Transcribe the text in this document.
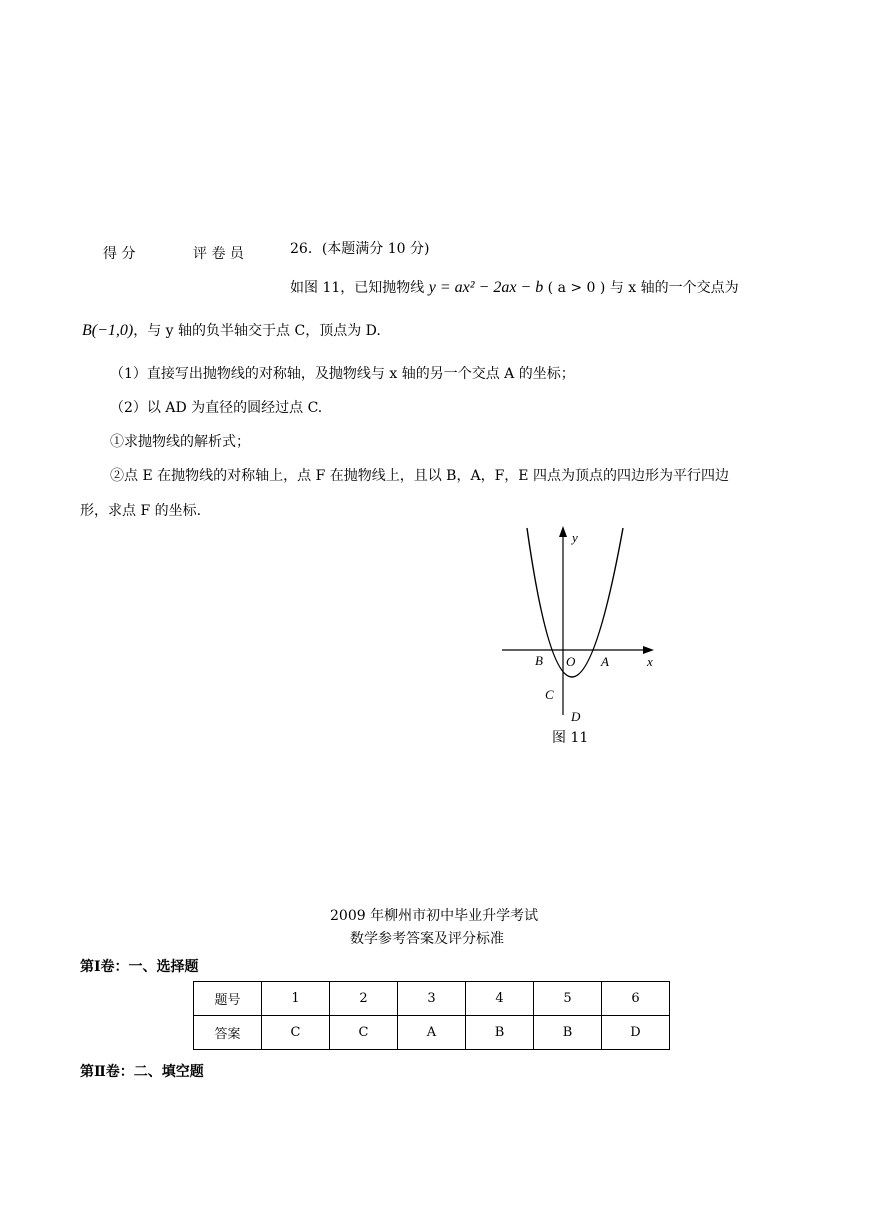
得 分	评 卷 员	26．(本题满分 10 分)
如图 11，已知抛物线 y = ax² − 2ax − b ( a > 0 ) 与 x 轴的一个交点为
B(−1,0)，与 y 轴的负半轴交于点 C，顶点为 D.
（1）直接写出抛物线的对称轴，及抛物线与 x 轴的另一个交点 A 的坐标；
（2）以 AD 为直径的圆经过点 C.
①求抛物线的解析式；
②点 E 在抛物线的对称轴上，点 F 在抛物线上，且以 B，A，F，E 四点为顶点的四边形为平行四边
形，求点 F 的坐标.
y
x
B O A
C
D
图 11
2009 年柳州市初中毕业升学考试
数学参考答案及评分标准
第Ⅰ卷：一、选择题
题号	1	2	3	4	5	6
答案	C	C	A	B	B	D
第Ⅱ卷：二、填空题
